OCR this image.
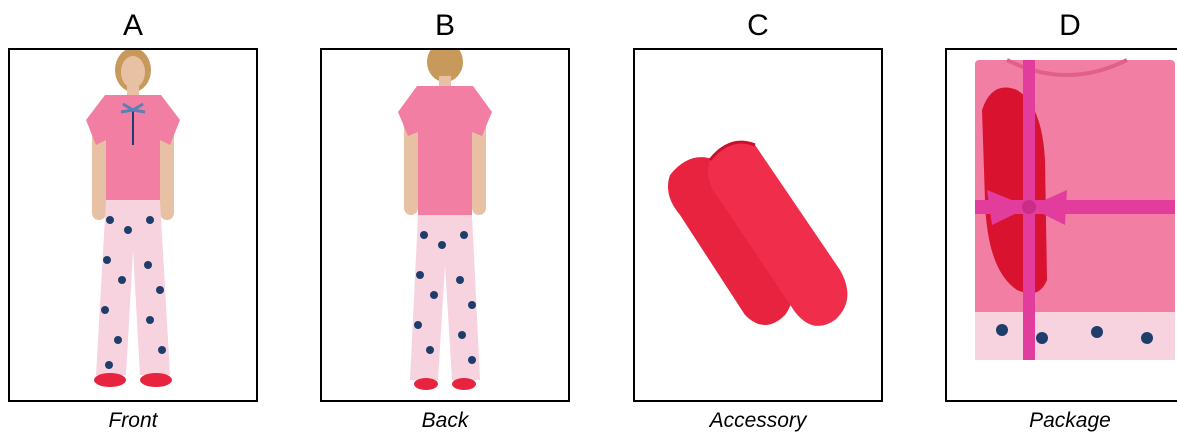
A
Front
B
Back
C
Accessory
D
Package
